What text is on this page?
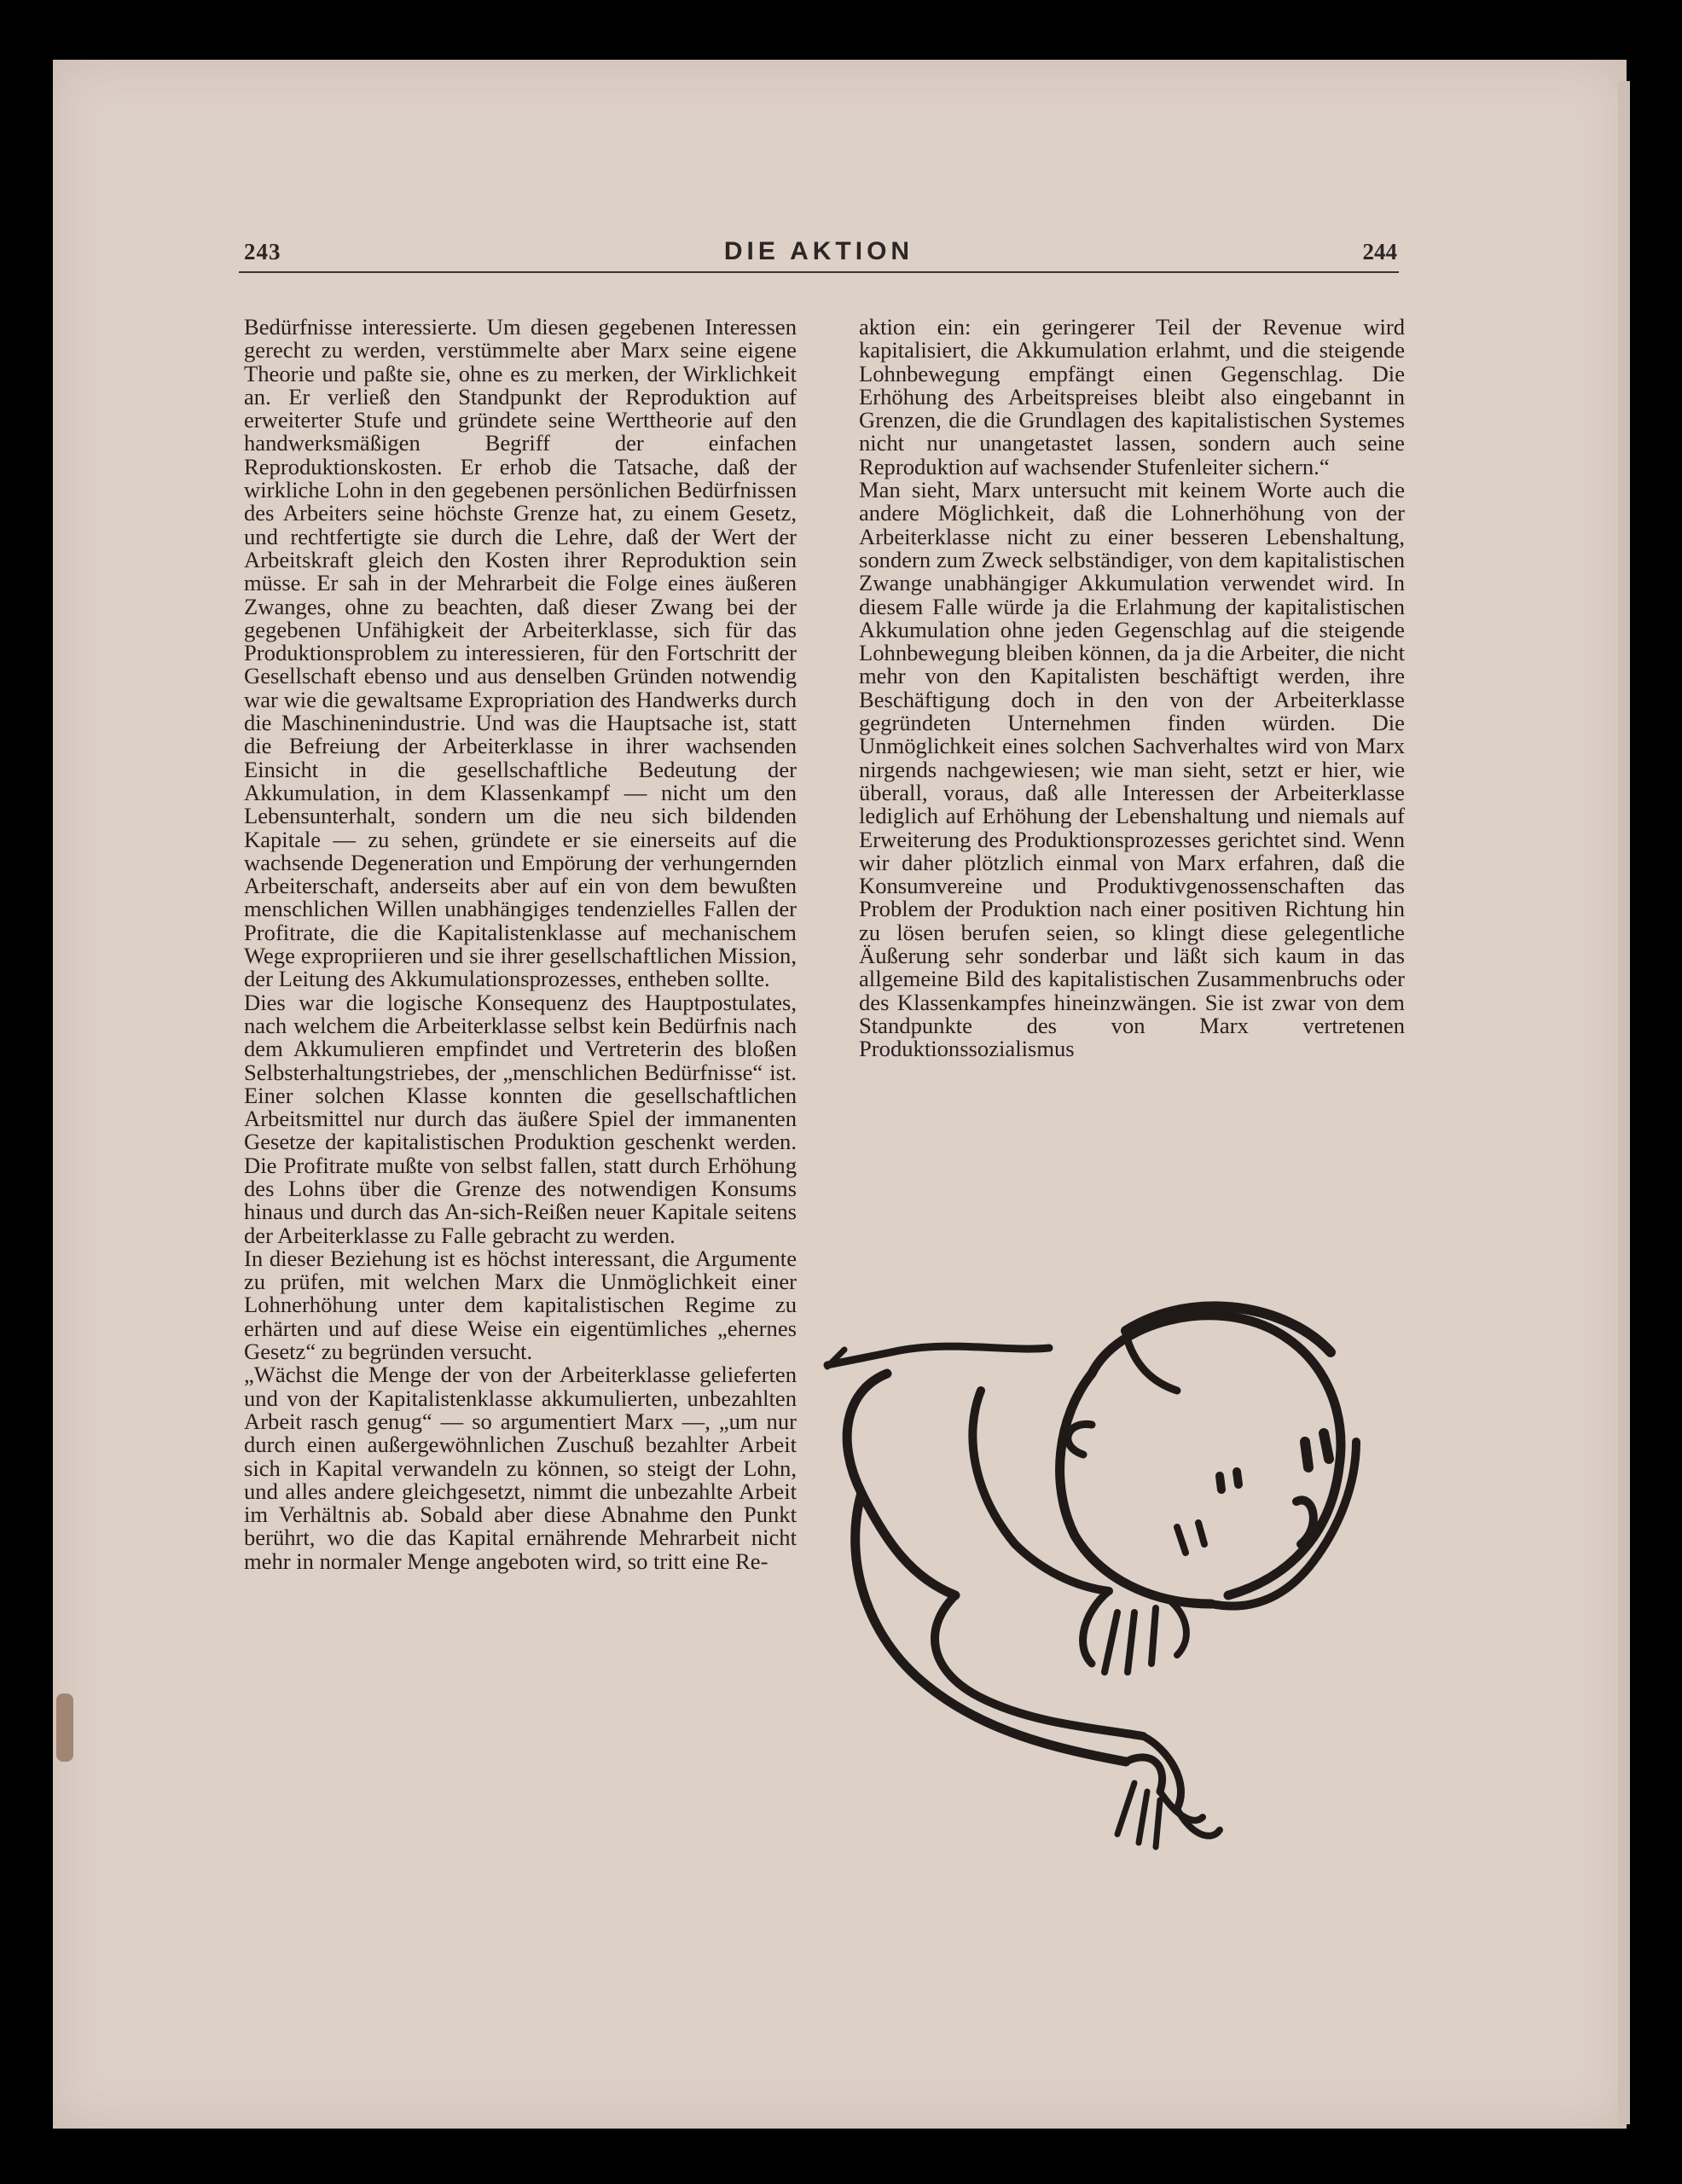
243	DIE AKTION	244

Bedürfnisse interessierte. Um diesen gegebenen Interessen gerecht zu werden, verstümmelte aber Marx seine eigene Theorie und paßte sie, ohne es zu merken, der Wirklichkeit an. Er verließ den Standpunkt der Reproduktion auf erweiterter Stufe und gründete seine Werttheorie auf den handwerksmäßigen Begriff der einfachen Reproduktionskosten. Er erhob die Tatsache, daß der wirkliche Lohn in den gegebenen persönlichen Bedürfnissen des Arbeiters seine höchste Grenze hat, zu einem Gesetz, und rechtfertigte sie durch die Lehre, daß der Wert der Arbeitskraft gleich den Kosten ihrer Reproduktion sein müsse. Er sah in der Mehrarbeit die Folge eines äußeren Zwanges, ohne zu beachten, daß dieser Zwang bei der gegebenen Unfähigkeit der Arbeiterklasse, sich für das Produktionsproblem zu interessieren, für den Fortschritt der Gesellschaft ebenso und aus denselben Gründen notwendig war wie die gewaltsame Expropriation des Handwerks durch die Maschinenindustrie. Und was die Hauptsache ist, statt die Befreiung der Arbeiterklasse in ihrer wachsenden Einsicht in die gesellschaftliche Bedeutung der Akkumulation, in dem Klassenkampf — nicht um den Lebensunterhalt, sondern um die neu sich bildenden Kapitale — zu sehen, gründete er sie einerseits auf die wachsende Degeneration und Empörung der verhungernden Arbeiterschaft, anderseits aber auf ein von dem bewußten menschlichen Willen unabhängiges tendenzielles Fallen der Profitrate, die die Kapitalistenklasse auf mechanischem Wege expropriieren und sie ihrer gesellschaftlichen Mission, der Leitung des Akkumulationsprozesses, entheben sollte.

Dies war die logische Konsequenz des Hauptpostulates, nach welchem die Arbeiterklasse selbst kein Bedürfnis nach dem Akkumulieren empfindet und Vertreterin des bloßen Selbsterhaltungstriebes, der „menschlichen Bedürfnisse“ ist. Einer solchen Klasse konnten die gesellschaftlichen Arbeitsmittel nur durch das äußere Spiel der immanenten Gesetze der kapitalistischen Produktion geschenkt werden. Die Profitrate mußte von selbst fallen, statt durch Erhöhung des Lohns über die Grenze des notwendigen Konsums hinaus und durch das An-sich-Reißen neuer Kapitale seitens der Arbeiterklasse zu Falle gebracht zu werden.

In dieser Beziehung ist es höchst interessant, die Argumente zu prüfen, mit welchen Marx die Unmöglichkeit einer Lohnerhöhung unter dem kapitalistischen Regime zu erhärten und auf diese Weise ein eigentümliches „ehernes Gesetz“ zu begründen versucht.

„Wächst die Menge der von der Arbeiterklasse gelieferten und von der Kapitalistenklasse akkumulierten, unbezahlten Arbeit rasch genug“ — so argumentiert Marx —, „um nur durch einen außergewöhnlichen Zuschuß bezahlter Arbeit sich in Kapital verwandeln zu können, so steigt der Lohn, und alles andere gleichgesetzt, nimmt die unbezahlte Arbeit im Verhältnis ab. Sobald aber diese Abnahme den Punkt berührt, wo die das Kapital ernährende Mehrarbeit nicht mehr in normaler Menge angeboten wird, so tritt eine Re-

aktion ein: ein geringerer Teil der Revenue wird kapitalisiert, die Akkumulation erlahmt, und die steigende Lohnbewegung empfängt einen Gegenschlag. Die Erhöhung des Arbeitspreises bleibt also eingebannt in Grenzen, die die Grundlagen des kapitalistischen Systemes nicht nur unangetastet lassen, sondern auch seine Reproduktion auf wachsender Stufenleiter sichern.“

Man sieht, Marx untersucht mit keinem Worte auch die andere Möglichkeit, daß die Lohnerhöhung von der Arbeiterklasse nicht zu einer besseren Lebenshaltung, sondern zum Zweck selbständiger, von dem kapitalistischen Zwange unabhängiger Akkumulation verwendet wird. In diesem Falle würde ja die Erlahmung der kapitalistischen Akkumulation ohne jeden Gegenschlag auf die steigende Lohnbewegung bleiben können, da ja die Arbeiter, die nicht mehr von den Kapitalisten beschäftigt werden, ihre Beschäftigung doch in den von der Arbeiterklasse gegründeten Unternehmen finden würden. Die Unmöglichkeit eines solchen Sachverhaltes wird von Marx nirgends nachgewiesen; wie man sieht, setzt er hier, wie überall, voraus, daß alle Interessen der Arbeiterklasse lediglich auf Erhöhung der Lebenshaltung und niemals auf Erweiterung des Produktionsprozesses gerichtet sind. Wenn wir daher plötzlich einmal von Marx erfahren, daß die Konsumvereine und Produktivgenossenschaften das Problem der Produktion nach einer positiven Richtung hin zu lösen berufen seien, so klingt diese gelegentliche Äußerung sehr sonderbar und läßt sich kaum in das allgemeine Bild des kapitalistischen Zusammenbruchs oder des Klassenkampfes hineinzwängen. Sie ist zwar von dem Standpunkte des von Marx vertretenen Produktionssozialismus
